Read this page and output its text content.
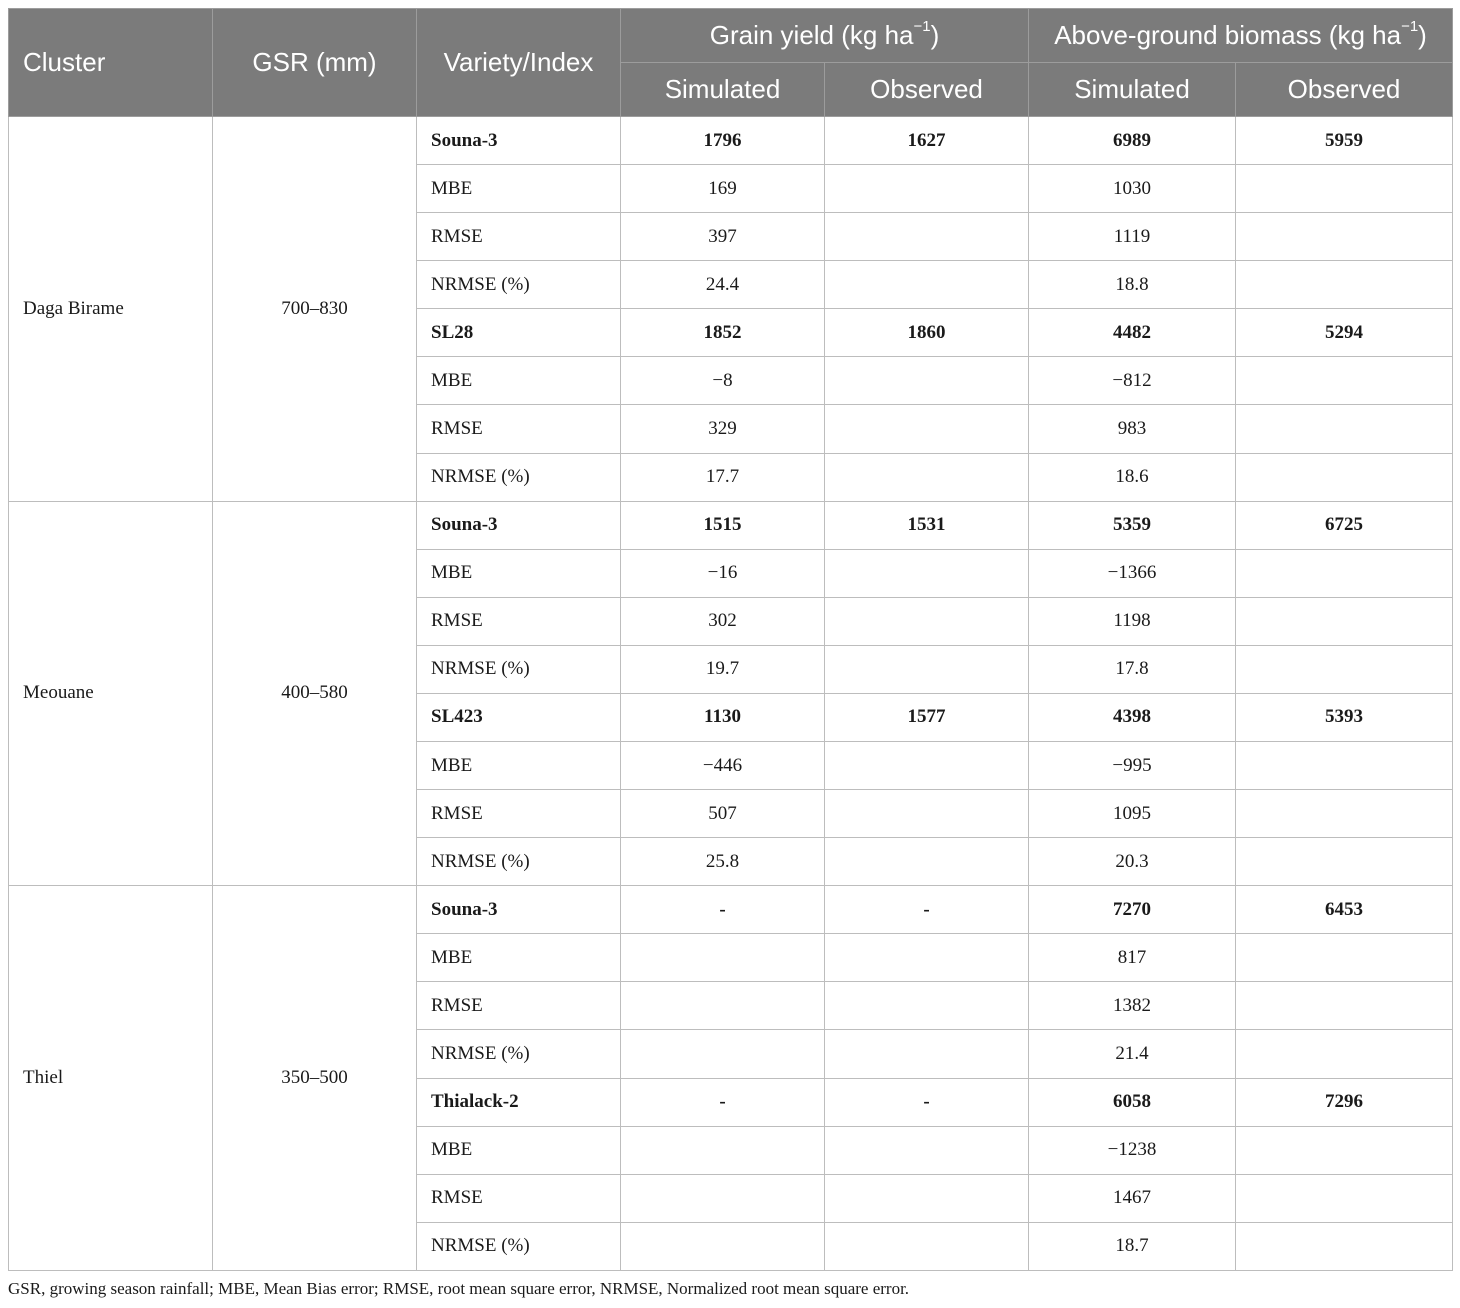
Cluster	GSR (mm)	Variety/Index	Grain yield (kg $ha^{-1}$)		Above-ground biomass (kg $ha^{-1}$)	
			Simulated	Observed	Simulated	Observed
Daga Birame	700–830	Souna-3	1796	1627	6989	5959
		MBE	169		1030	
		RMSE	397		1119	
		NRMSE (%)	24.4		18.8	
		SL28	1852	1860	4482	5294
		MBE	−8		−812	
		RMSE	329		983	
		NRMSE (%)	17.7		18.6	
Meouane	400–580	Souna-3	1515	1531	5359	6725
		MBE	−16		−1366	
		RMSE	302		1198	
		NRMSE (%)	19.7		17.8	
		SL423	1130	1577	4398	5393
		MBE	−446		−995	
		RMSE	507		1095	
		NRMSE (%)	25.8		20.3	
Thiel	350–500	Souna-3	-	-	7270	6453
		MBE			817	
		RMSE			1382	
		NRMSE (%)			21.4	
		Thialack-2	-	-	6058	7296
		MBE			−1238	
		RMSE			1467	
		NRMSE (%)			18.7	
GSR, growing season rainfall; MBE, Mean Bias error; RMSE, root mean square error, NRMSE, Normalized root mean square error.
